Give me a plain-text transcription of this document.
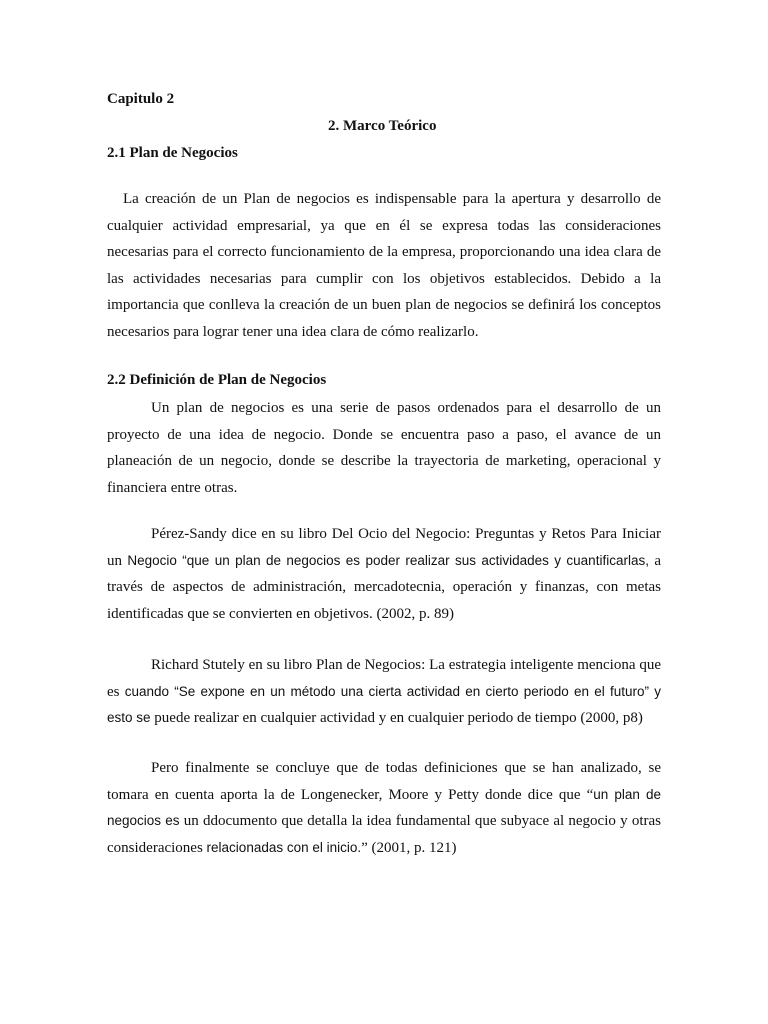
Capitulo 2
2. Marco Teórico
2.1 Plan de Negocios

La creación de un Plan de negocios es indispensable para la apertura y desarrollo de cualquier actividad empresarial, ya que en él se expresa todas las consideraciones necesarias para el correcto funcionamiento de la empresa, proporcionando una idea clara de las actividades necesarias para cumplir con los objetivos establecidos. Debido a la importancia que conlleva la creación de un buen plan de negocios se definirá los conceptos necesarios para lograr tener una idea clara de cómo realizarlo.

2.2 Definición de Plan de Negocios

Un plan de negocios es una serie de pasos ordenados para el desarrollo de un proyecto de una idea de negocio. Donde se encuentra paso a paso, el avance de un planeación de un negocio, donde se describe la trayectoria de marketing, operacional y financiera entre otras.

Pérez-Sandy dice en su libro Del Ocio del Negocio: Preguntas y Retos Para Iniciar un Negocio “que un plan de negocios es poder realizar sus actividades y cuantificarlas, a través de aspectos de administración, mercadotecnia, operación y finanzas, con metas identificadas que se convierten en objetivos. (2002, p. 89)

Richard Stutely en su libro Plan de Negocios: La estrategia inteligente menciona que es cuando “Se expone en un método una cierta actividad en cierto periodo en el futuro” y esto se puede realizar en cualquier actividad y en cualquier periodo de tiempo (2000, p8)

Pero finalmente se concluye que de todas definiciones que se han analizado, se tomara en cuenta aporta la de Longenecker, Moore y Petty donde dice que “un plan de negocios es un ddocumento que detalla la idea fundamental que subyace al negocio y otras consideraciones relacionadas con el inicio.” (2001, p. 121)
